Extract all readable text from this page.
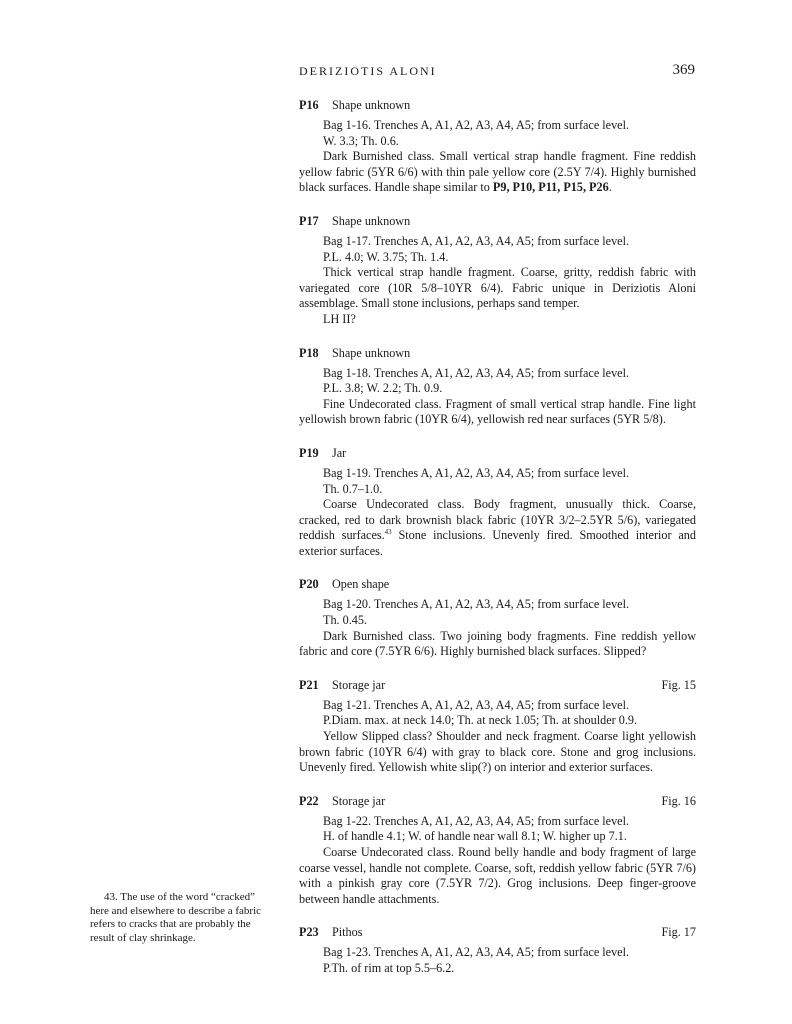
DERIZIOTIS ALONI	369
P16 Shape unknown
Bag 1-16. Trenches A, A1, A2, A3, A4, A5; from surface level.
W. 3.3; Th. 0.6.
Dark Burnished class. Small vertical strap handle fragment. Fine reddish yellow fabric (5YR 6/6) with thin pale yellow core (2.5Y 7/4). Highly burnished black surfaces. Handle shape similar to P9, P10, P11, P15, P26.
P17 Shape unknown
Bag 1-17. Trenches A, A1, A2, A3, A4, A5; from surface level.
P.L. 4.0; W. 3.75; Th. 1.4.
Thick vertical strap handle fragment. Coarse, gritty, reddish fabric with variegated core (10R 5/8–10YR 6/4). Fabric unique in Deriziotis Aloni assemblage. Small stone inclusions, perhaps sand temper.
LH II?
P18 Shape unknown
Bag 1-18. Trenches A, A1, A2, A3, A4, A5; from surface level.
P.L. 3.8; W. 2.2; Th. 0.9.
Fine Undecorated class. Fragment of small vertical strap handle. Fine light yellowish brown fabric (10YR 6/4), yellowish red near surfaces (5YR 5/8).
P19 Jar
Bag 1-19. Trenches A, A1, A2, A3, A4, A5; from surface level.
Th. 0.7–1.0.
Coarse Undecorated class. Body fragment, unusually thick. Coarse, cracked, red to dark brownish black fabric (10YR 3/2–2.5YR 5/6), variegated reddish surfaces.$^{43}$ Stone inclusions. Unevenly fired. Smoothed interior and exterior surfaces.
P20 Open shape
Bag 1-20. Trenches A, A1, A2, A3, A4, A5; from surface level.
Th. 0.45.
Dark Burnished class. Two joining body fragments. Fine reddish yellow fabric and core (7.5YR 6/6). Highly burnished black surfaces. Slipped?
P21 Storage jar	Fig. 15
Bag 1-21. Trenches A, A1, A2, A3, A4, A5; from surface level.
P.Diam. max. at neck 14.0; Th. at neck 1.05; Th. at shoulder 0.9.
Yellow Slipped class? Shoulder and neck fragment. Coarse light yellowish brown fabric (10YR 6/4) with gray to black core. Stone and grog inclusions. Unevenly fired. Yellowish white slip(?) on interior and exterior surfaces.
P22 Storage jar	Fig. 16
Bag 1-22. Trenches A, A1, A2, A3, A4, A5; from surface level.
H. of handle 4.1; W. of handle near wall 8.1; W. higher up 7.1.
Coarse Undecorated class. Round belly handle and body fragment of large coarse vessel, handle not complete. Coarse, soft, reddish yellow fabric (5YR 7/6) with a pinkish gray core (7.5YR 7/2). Grog inclusions. Deep finger-groove between handle attachments.
P23 Pithos	Fig. 17
Bag 1-23. Trenches A, A1, A2, A3, A4, A5; from surface level.
P.Th. of rim at top 5.5–6.2.
43. The use of the word “cracked” here and elsewhere to describe a fabric refers to cracks that are probably the result of clay shrinkage.
